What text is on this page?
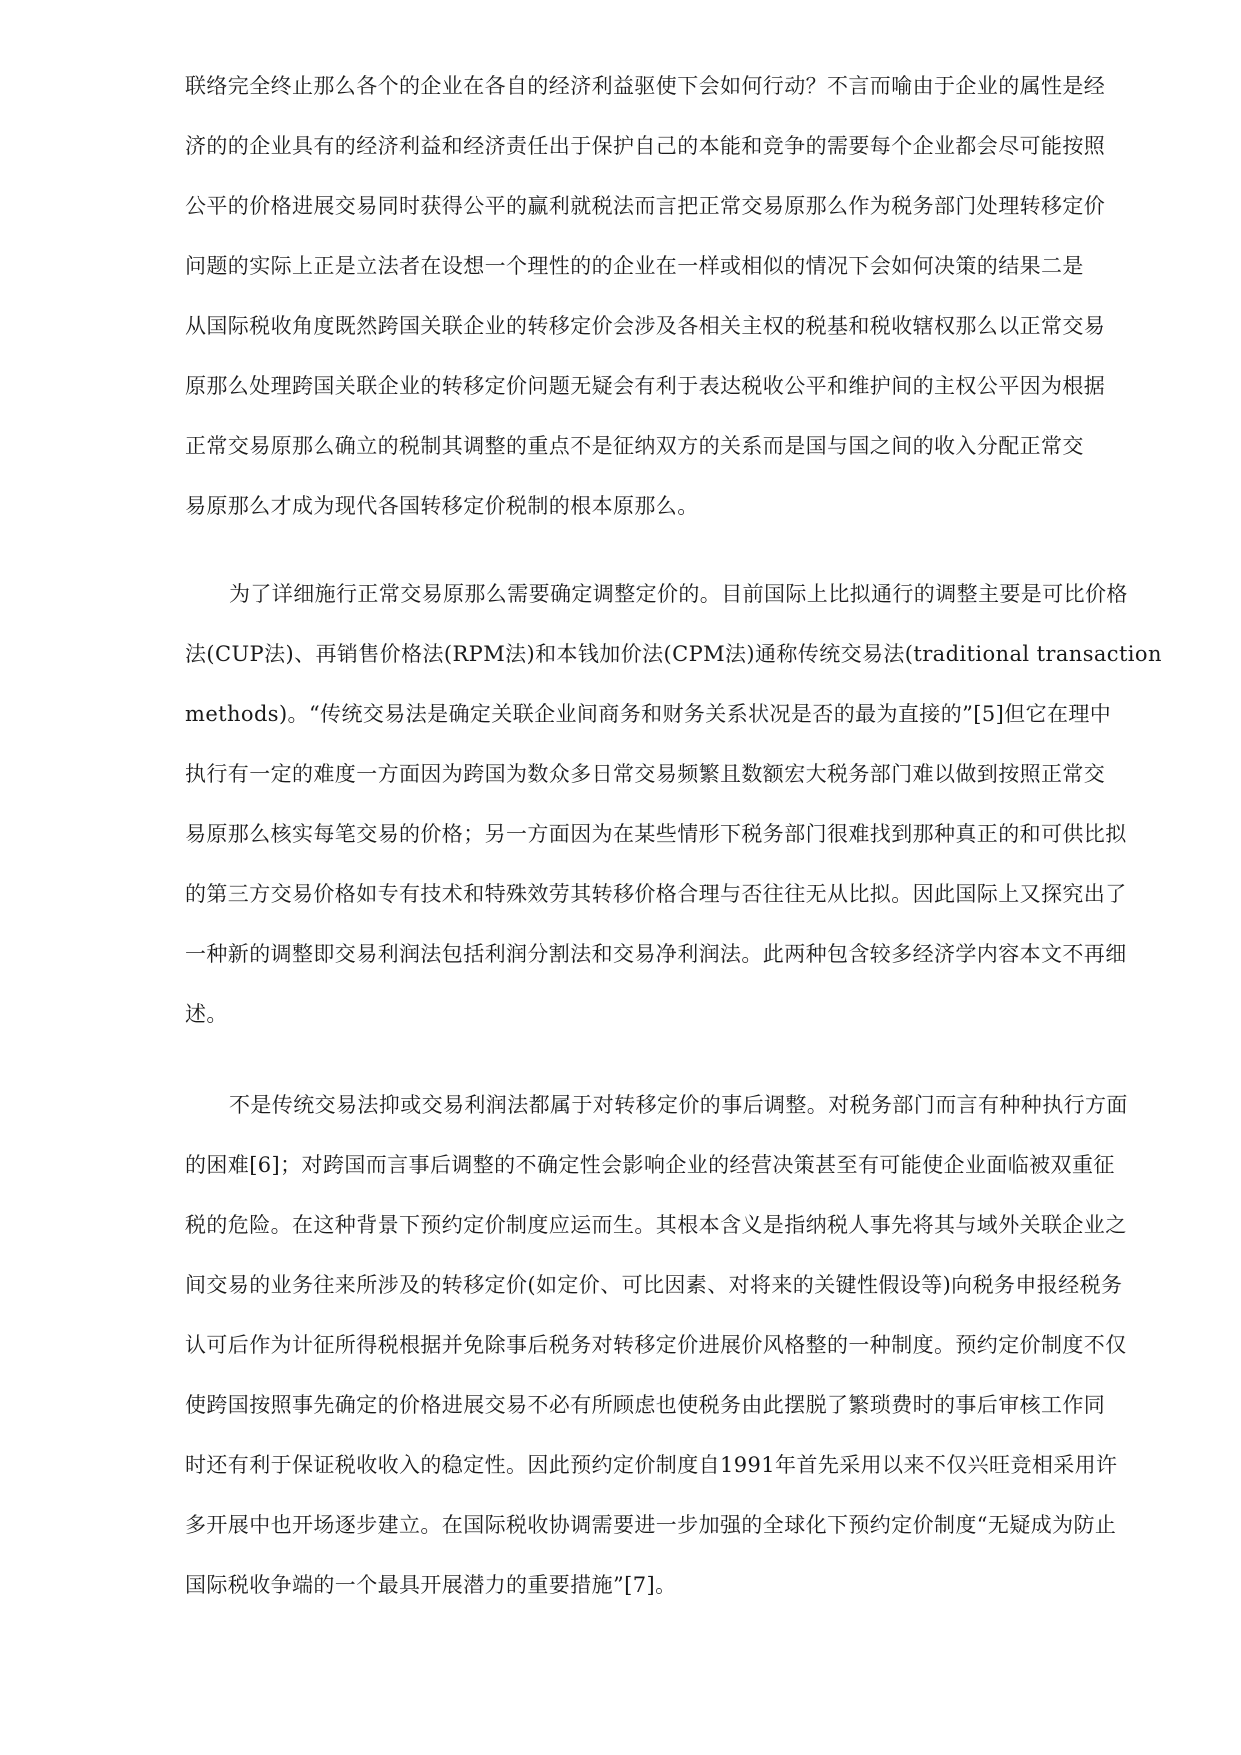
联络完全终止那么各个的企业在各自的经济利益驱使下会如何行动？不言而喻由于企业的属性是经

济的的企业具有的经济利益和经济责任出于保护自己的本能和竞争的需要每个企业都会尽可能按照

公平的价格进展交易同时获得公平的赢利就税法而言把正常交易原那么作为税务部门处理转移定价

问题的实际上正是立法者在设想一个理性的的企业在一样或相似的情况下会如何决策的结果二是

从国际税收角度既然跨国关联企业的转移定价会涉及各相关主权的税基和税收辖权那么以正常交易

原那么处理跨国关联企业的转移定价问题无疑会有利于表达税收公平和维护间的主权公平因为根据

正常交易原那么确立的税制其调整的重点不是征纳双方的关系而是国与国之间的收入分配正常交

易原那么才成为现代各国转移定价税制的根本原那么。

为了详细施行正常交易原那么需要确定调整定价的。目前国际上比拟通行的调整主要是可比价格

法(CUP法)、再销售价格法(RPM法)和本钱加价法(CPM法)通称传统交易法(traditional transaction

methods)。“传统交易法是确定关联企业间商务和财务关系状况是否的最为直接的”[5]但它在理中

执行有一定的难度一方面因为跨国为数众多日常交易频繁且数额宏大税务部门难以做到按照正常交

易原那么核实每笔交易的价格；另一方面因为在某些情形下税务部门很难找到那种真正的和可供比拟

的第三方交易价格如专有技术和特殊效劳其转移价格合理与否往往无从比拟。因此国际上又探究出了

一种新的调整即交易利润法包括利润分割法和交易净利润法。此两种包含较多经济学内容本文不再细

述。

不是传统交易法抑或交易利润法都属于对转移定价的事后调整。对税务部门而言有种种执行方面

的困难[6]；对跨国而言事后调整的不确定性会影响企业的经营决策甚至有可能使企业面临被双重征

税的危险。在这种背景下预约定价制度应运而生。其根本含义是指纳税人事先将其与域外关联企业之

间交易的业务往来所涉及的转移定价(如定价、可比因素、对将来的关键性假设等)向税务申报经税务

认可后作为计征所得税根据并免除事后税务对转移定价进展价风格整的一种制度。预约定价制度不仅

使跨国按照事先确定的价格进展交易不必有所顾虑也使税务由此摆脱了繁琐费时的事后审核工作同

时还有利于保证税收收入的稳定性。因此预约定价制度自1991年首先采用以来不仅兴旺竞相采用许

多开展中也开场逐步建立。在国际税收协调需要进一步加强的全球化下预约定价制度“无疑成为防止

国际税收争端的一个最具开展潜力的重要措施”[7]。
